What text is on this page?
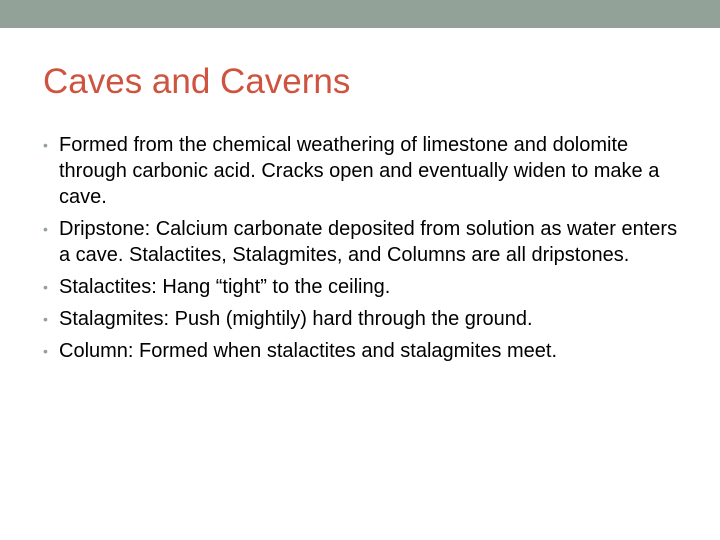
Caves and Caverns
• Formed from the chemical weathering of limestone and dolomite through carbonic acid. Cracks open and eventually widen to make a cave.
• Dripstone: Calcium carbonate deposited from solution as water enters a cave. Stalactites, Stalagmites, and Columns are all dripstones.
• Stalactites: Hang “tight” to the ceiling.
• Stalagmites: Push (mightily) hard through the ground.
• Column: Formed when stalactites and stalagmites meet.
